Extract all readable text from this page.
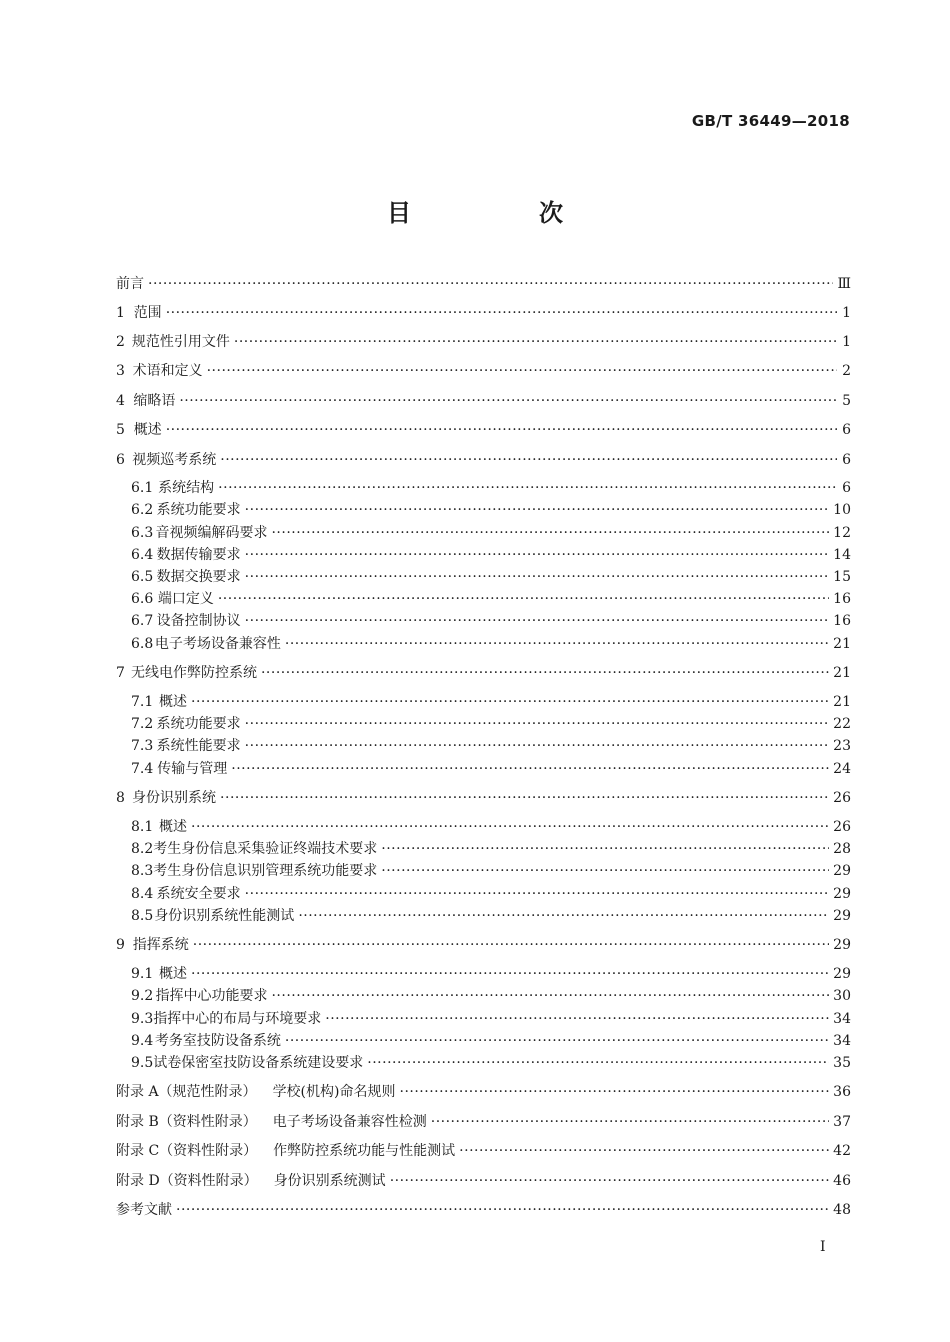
GB/T 36449—2018
目　次
前言 ·····	Ⅲ
1 范围 ·····	1
2 规范性引用文件 ·····	1
3 术语和定义 ·····	2
4 缩略语 ·····	5
5 概述 ·····	6
6 视频巡考系统 ·····	6
6.1 系统结构 ·····	6
6.2 系统功能要求 ·····	10
6.3 音视频编解码要求 ·····	12
6.4 数据传输要求 ·····	14
6.5 数据交换要求 ·····	15
6.6 端口定义 ·····	16
6.7 设备控制协议 ·····	16
6.8 电子考场设备兼容性 ·····	21
7 无线电作弊防控系统 ·····	21
7.1 概述 ·····	21
7.2 系统功能要求 ·····	22
7.3 系统性能要求 ·····	23
7.4 传输与管理 ·····	24
8 身份识别系统 ·····	26
8.1 概述 ·····	26
8.2 考生身份信息采集验证终端技术要求 ·····	28
8.3 考生身份信息识别管理系统功能要求 ·····	29
8.4 系统安全要求 ·····	29
8.5 身份识别系统性能测试 ·····	29
9 指挥系统 ·····	29
9.1 概述 ·····	29
9.2 指挥中心功能要求 ·····	30
9.3 指挥中心的布局与环境要求 ·····	34
9.4 考务室技防设备系统 ·····	34
9.5 试卷保密室技防设备系统建设要求 ·····	35
附录 A（规范性附录） 学校(机构)命名规则 ·····	36
附录 B（资料性附录） 电子考场设备兼容性检测 ·····	37
附录 C（资料性附录） 作弊防控系统功能与性能测试 ·····	42
附录 D（资料性附录） 身份识别系统测试 ·····	46
参考文献 ·····	48
Ⅰ
